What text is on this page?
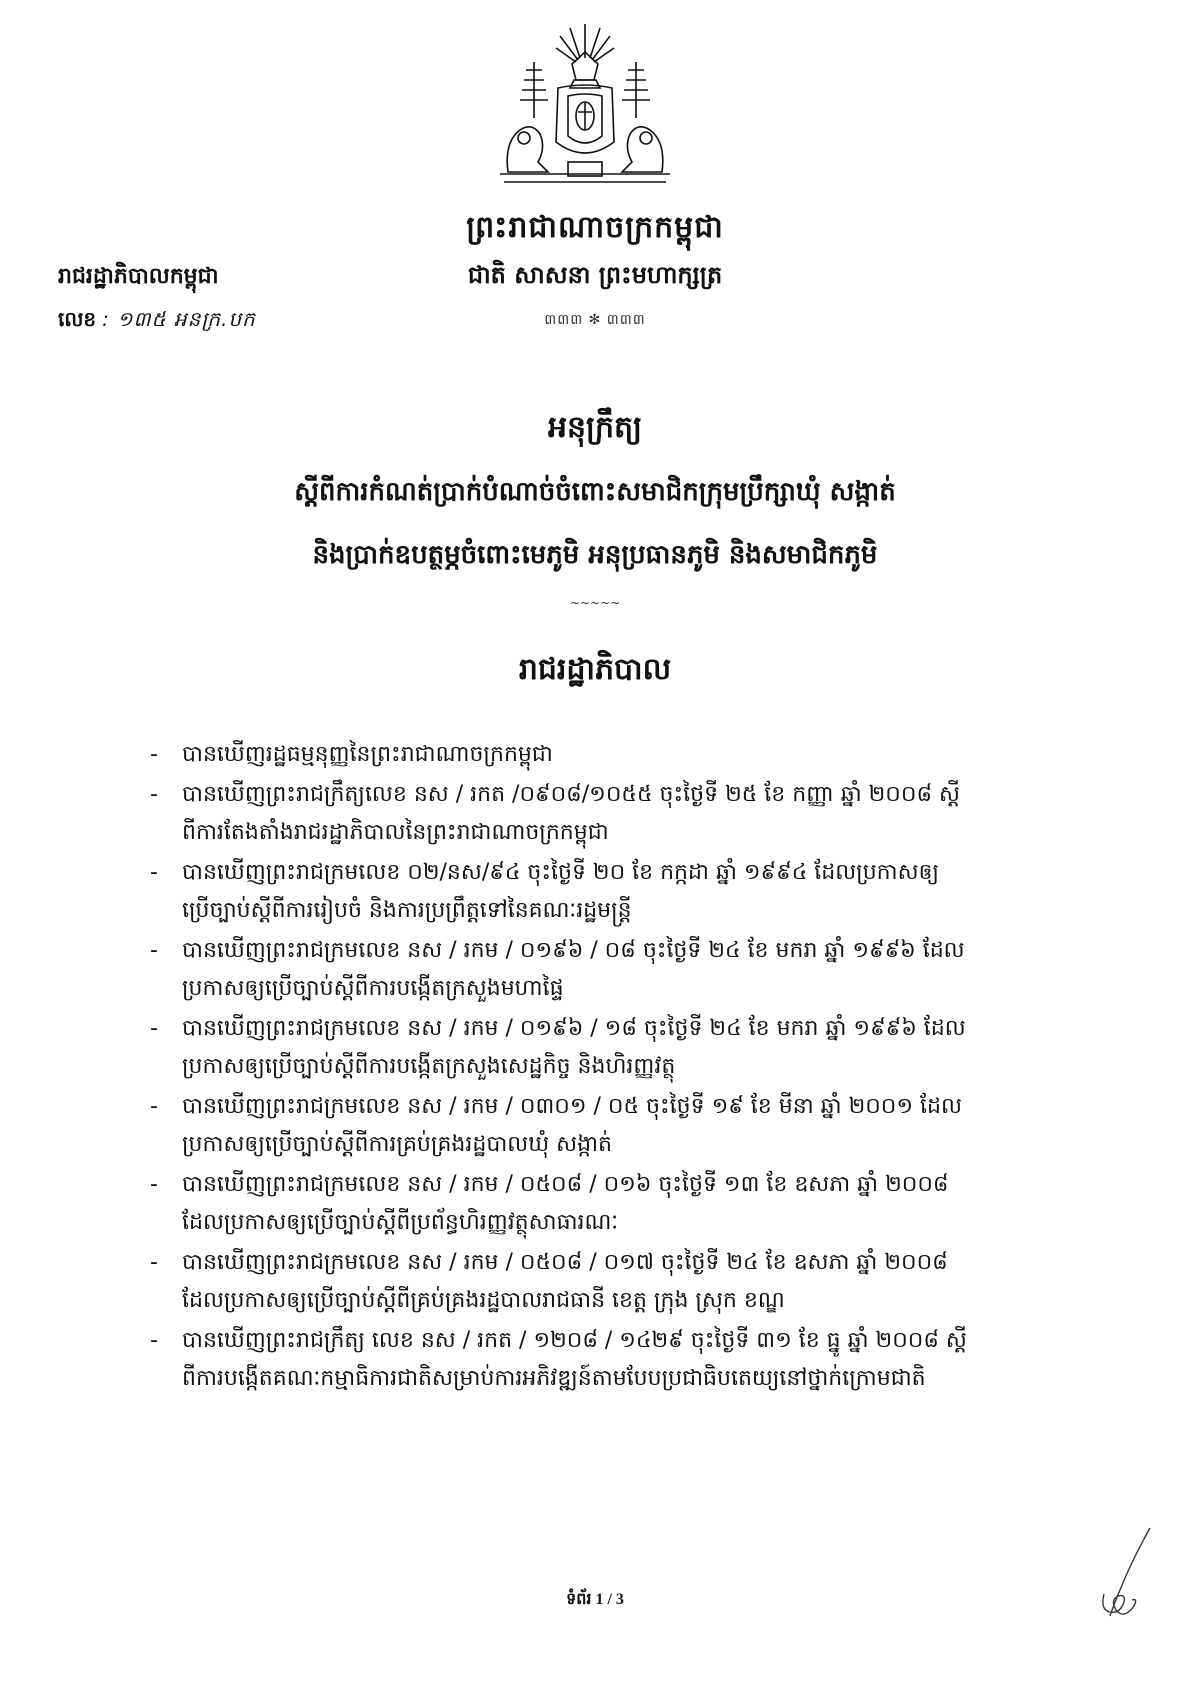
ព្រះរាជាណាចក្រកម្ពុជា
ជាតិ សាសនា ព្រះមហាក្សត្រ
៣៣៣ ✻ ៣៣៣
រាជរដ្ឋាភិបាលកម្ពុជា
លេខ : ១៣៥ អនក្រ.បក
អនុក្រឹត្យ
ស្តីពីការកំណត់ប្រាក់បំណាច់ចំពោះសមាជិកក្រុមប្រឹក្សាឃុំ សង្កាត់
និងប្រាក់ឧបត្ថម្ភចំពោះមេភូមិ អនុប្រធានភូមិ និងសមាជិកភូមិ
~~~~~
រាជរដ្ឋាភិបាល
- បានឃើញរដ្ឋធម្មនុញ្ញនៃព្រះរាជាណាចក្រកម្ពុជា
- បានឃើញព្រះរាជក្រឹត្យលេខ នស / រកត /០៩០៨/១០៥៥ ចុះថ្ងៃទី ២៥ ខែ កញ្ញា ឆ្នាំ ២០០៨ ស្តី
ពីការតែងតាំងរាជរដ្ឋាភិបាលនៃព្រះរាជាណាចក្រកម្ពុជា
- បានឃើញព្រះរាជក្រមលេខ ០២/នស/៩៤ ចុះថ្ងៃទី ២០ ខែ កក្កដា ឆ្នាំ ១៩៩៤ ដែលប្រកាសឲ្យ
ប្រើច្បាប់ស្តីពីការរៀបចំ និងការប្រព្រឹត្តទៅនៃគណៈរដ្ឋមន្ត្រី
- បានឃើញព្រះរាជក្រមលេខ នស / រកម / ០១៩៦ / ០៨ ចុះថ្ងៃទី ២៤ ខែ មករា ឆ្នាំ ១៩៩៦ ដែល
ប្រកាសឲ្យប្រើច្បាប់ស្តីពីការបង្កើតក្រសួងមហាផ្ទៃ
- បានឃើញព្រះរាជក្រមលេខ នស / រកម / ០១៩៦ / ១៨ ចុះថ្ងៃទី ២៤ ខែ មករា ឆ្នាំ ១៩៩៦ ដែល
ប្រកាសឲ្យប្រើច្បាប់ស្តីពីការបង្កើតក្រសួងសេដ្ឋកិច្ច និងហិរញ្ញវត្ថុ
- បានឃើញព្រះរាជក្រមលេខ នស / រកម / ០៣០១ / ០៥ ចុះថ្ងៃទី ១៩ ខែ មីនា ឆ្នាំ ២០០១ ដែល
ប្រកាសឲ្យប្រើច្បាប់ស្តីពីការគ្រប់គ្រងរដ្ឋបាលឃុំ សង្កាត់
- បានឃើញព្រះរាជក្រមលេខ នស / រកម / ០៥០៨ / ០១៦ ចុះថ្ងៃទី ១៣ ខែ ឧសភា ឆ្នាំ ២០០៨
ដែលប្រកាសឲ្យប្រើច្បាប់ស្តីពីប្រព័ន្ធហិរញ្ញវត្ថុសាធារណៈ
- បានឃើញព្រះរាជក្រមលេខ នស / រកម / ០៥០៨ / ០១៧ ចុះថ្ងៃទី ២៤ ខែ ឧសភា ឆ្នាំ ២០០៨
ដែលប្រកាសឲ្យប្រើច្បាប់ស្តីពីគ្រប់គ្រងរដ្ឋបាលរាជធានី ខេត្ត ក្រុង ស្រុក ខណ្ឌ
- បានឃើញព្រះរាជក្រឹត្យ លេខ នស / រកត / ១២០៨ / ១៤២៩ ចុះថ្ងៃទី ៣១ ខែ ធ្នូ ឆ្នាំ ២០០៨ ស្តី
ពីការបង្កើតគណៈកម្មាធិការជាតិសម្រាប់ការអភិវឌ្ឍន៍តាមបែបប្រជាធិបតេយ្យនៅថ្នាក់ក្រោមជាតិ
ទំព័រ 1 / 3
